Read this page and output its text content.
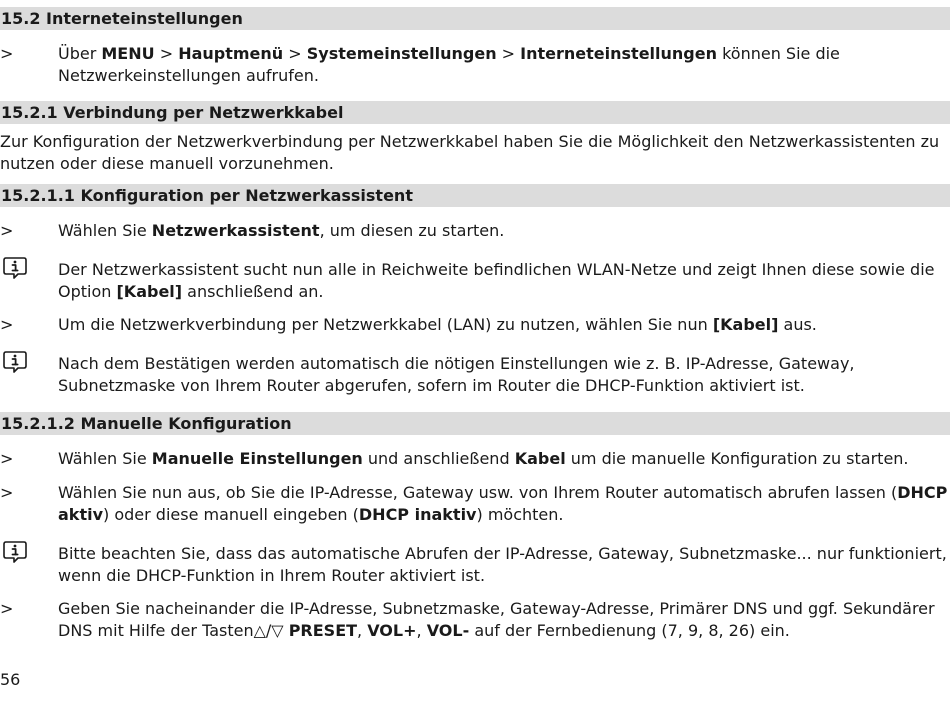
15.2 Interneteinstellungen
>	Über MENU > Hauptmenü > Systemeinstellungen > Interneteinstellungen können Sie die Netzwerkeinstellungen aufrufen.
15.2.1 Verbindung per Netzwerkkabel
Zur Konfiguration der Netzwerkverbindung per Netzwerkkabel haben Sie die Möglichkeit den Netzwerkassistenten zu nutzen oder diese manuell vorzunehmen.
15.2.1.1 Konfiguration per Netzwerkassistent
>	Wählen Sie Netzwerkassistent, um diesen zu starten.
Der Netzwerkassistent sucht nun alle in Reichweite befindlichen WLAN-Netze und zeigt Ihnen diese sowie die Option [Kabel] anschließend an.
>	Um die Netzwerkverbindung per Netzwerkkabel (LAN) zu nutzen, wählen Sie nun [Kabel] aus.
Nach dem Bestätigen werden automatisch die nötigen Einstellungen wie z. B. IP-Adresse, Gateway, Subnetzmaske von Ihrem Router abgerufen, sofern im Router die DHCP-Funktion aktiviert ist.
15.2.1.2 Manuelle Konfiguration
>	Wählen Sie Manuelle Einstellungen und anschließend Kabel um die manuelle Konfiguration zu starten.
>	Wählen Sie nun aus, ob Sie die IP-Adresse, Gateway usw. von Ihrem Router automatisch abrufen lassen (DHCP aktiv) oder diese manuell eingeben (DHCP inaktiv) möchten.
Bitte beachten Sie, dass das automatische Abrufen der IP-Adresse, Gateway, Subnetzmaske... nur funktioniert, wenn die DHCP-Funktion in Ihrem Router aktiviert ist.
>	Geben Sie nacheinander die IP-Adresse, Subnetzmaske, Gateway-Adresse, Primärer DNS und ggf. Sekundärer DNS mit Hilfe der Tasten△/▽ PRESET, VOL+, VOL- auf der Fernbedienung (7, 9, 8, 26) ein.
56
